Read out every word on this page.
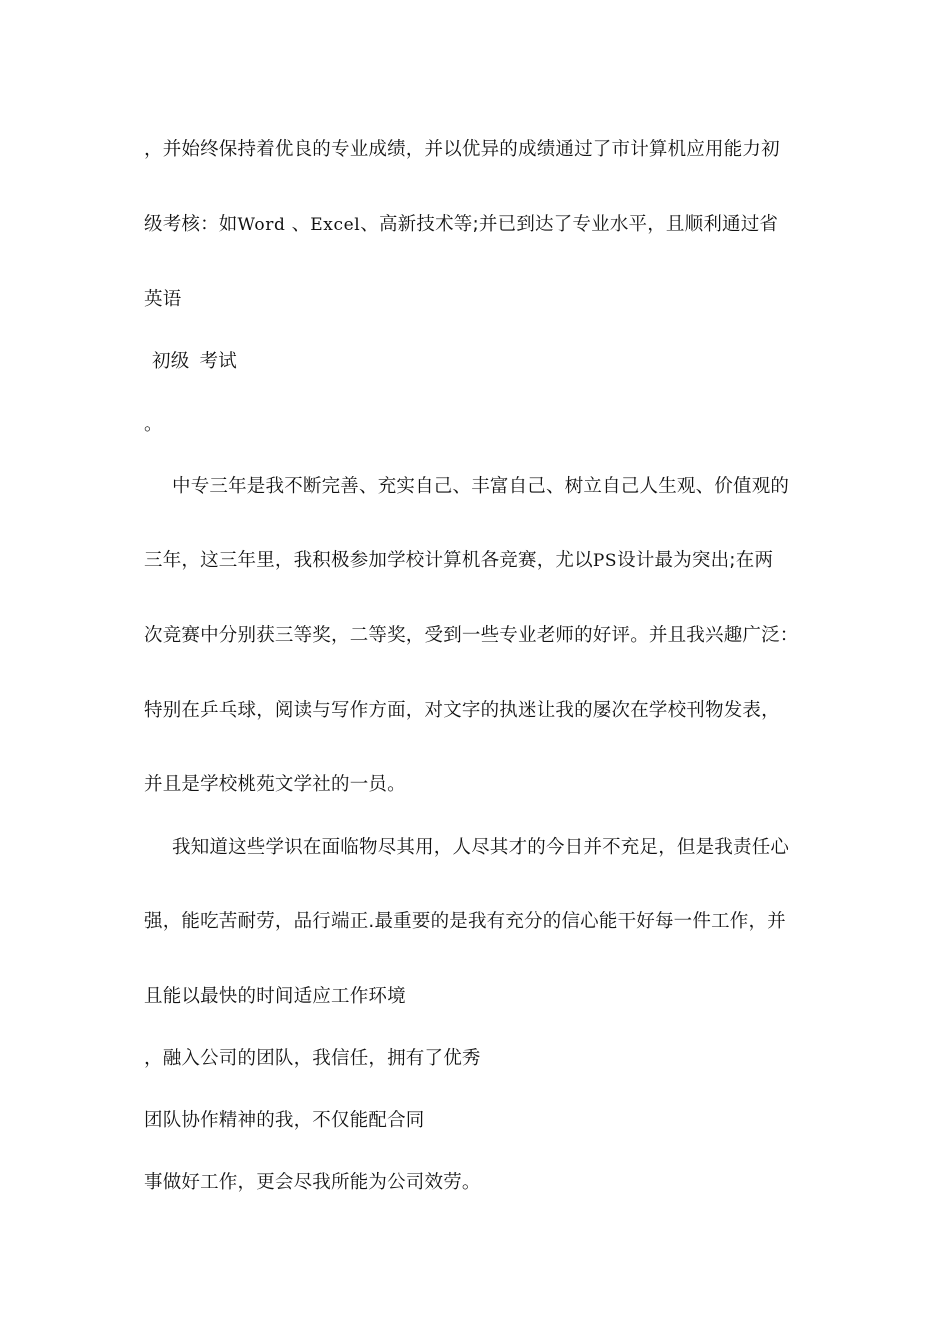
，并始终保持着优良的专业成绩，并以优异的成绩通过了市计算机应用能力初
级考核：如Word 、Excel、高新技术等;并已到达了专业水平，且顺利通过省
英语
初级 考试
。
中专三年是我不断完善、充实自己、丰富自己、树立自己人生观、价值观的
三年，这三年里，我积极参加学校计算机各竞赛，尤以PS设计最为突出;在两
次竞赛中分别获三等奖，二等奖，受到一些专业老师的好评。并且我兴趣广泛：
特别在乒乓球，阅读与写作方面，对文字的执迷让我的屡次在学校刊物发表，
并且是学校桃苑文学社的一员。
我知道这些学识在面临物尽其用，人尽其才的今日并不充足，但是我责任心
强，能吃苦耐劳，品行端正.最重要的是我有充分的信心能干好每一件工作，并
且能以最快的时间适应工作环境
，融入公司的团队，我信任，拥有了优秀
团队协作精神的我，不仅能配合同
事做好工作，更会尽我所能为公司效劳。
